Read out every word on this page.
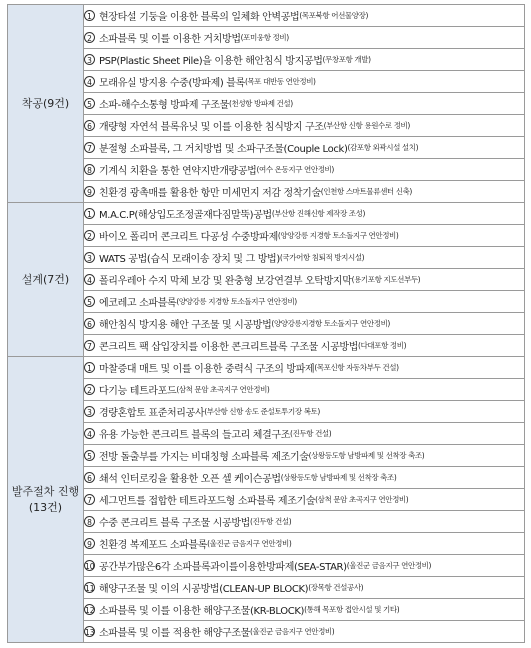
착공(9건)	1 현장타설 기둥을 이용한 블록의 일체화 안벽공법(목포북항 어선물양장)
	2 소파블록 및 이를 이용한 거치방법(포미웅항 정비)
	3 PSP(Plastic Sheet Pile)을 이용한 해안침식 방지공법(무창포항 개발)
	4 모래유실 방지용 수중(방파제) 블록(목포 대반동 연안정비)
	5 소파-해수소통형 방파제 구조물(천성항 방파제 건설)
	6 개량형 자연석 블록유닛 및 이를 이용한 침식방지 구조(부산항 신항 용원수로 정비)
	7 분절형 소파블록, 그 거치방법 및 소파구조물(Couple Lock)(감포항 외곽시설 설치)
	8 기계식 치환을 통한 연약지반개량공법(여수 온동지구 연안정비)
	9 친환경 광촉매를 활용한 항만 미세먼지 저감 정착기술(인천항 스마트물류센터 신축)
설계(7건)	1 M.A.C.P(해상입도조정골재다짐말뚝)공법(부산항 진해신항 제작장 조성)
	2 바이오 폴리머 콘크리트 다공성 수중방파제(양양강릉 지경항 토소돌지구 연안정비)
	3 WATS 공법(습식 모래이송 장치 및 그 방법)(국가어항 침퇴적 방지시설)
	4 폴리우레아 수지 막체 보강 및 완충형 보강연결부 오탁방지막(용기포항 지도선부두)
	5 에코레고 소파블록(양양강릉 지경항 토소돌지구 연안정비)
	6 해안침식 방지용 해안 구조물 및 시공방법(양양강릉지경항 토소돌지구 연안정비)
	7 콘크리트 팩 삽입장치를 이용한 콘크리트블록 구조물 시공방법(다대포항 정비)
발주절차 진행 (13건)	1 마찰증대 매트 및 이를 이용한 중력식 구조의 방파제(목포신항 자동차부두 건설)
	2 다기능 테트라포드(삼척 문암 초곡지구 연안정비)
	3 경량혼합토 표준처리공사(부산항 신항 송도 준설토투기장 복토)
	4 유용 가능한 콘크리트 블록의 들고리 체결구조(진두항 건설)
	5 전방 돌출부를 가지는 비대칭형 소파블록 제조기술(상왕등도항 남방파제 및 선착장 축조)
	6 쇄석 인터로킹을 활용한 오픈 셀 케이슨공법(상왕등도항 남방파제 및 선착장 축조)
	7 세그먼트를 접합한 테트라포드형 소파블록 제조기술(삼척 문암 초곡지구 연안정비)
	8 수중 콘크리트 블록 구조물 시공방법(진두항 건설)
	9 친환경 복제포드 소파블록(울진군 금음지구 연안정비)
	10 공간부가많은6각 소파블록과이를이용한방파제(SEA-STAR)(울진군 금음지구 연안정비)
	11 해양구조물 및 이의 시공방법(CLEAN-UP BLOCK)(장목항 건설공사)
	12 소파블록 및 이를 이용한 해양구조물(KR-BLOCK)(통해 목포항 접안시설 및 기타)
	13 소파블록 및 이를 적용한 해양구조물(울진군 금음지구 연안정비)
